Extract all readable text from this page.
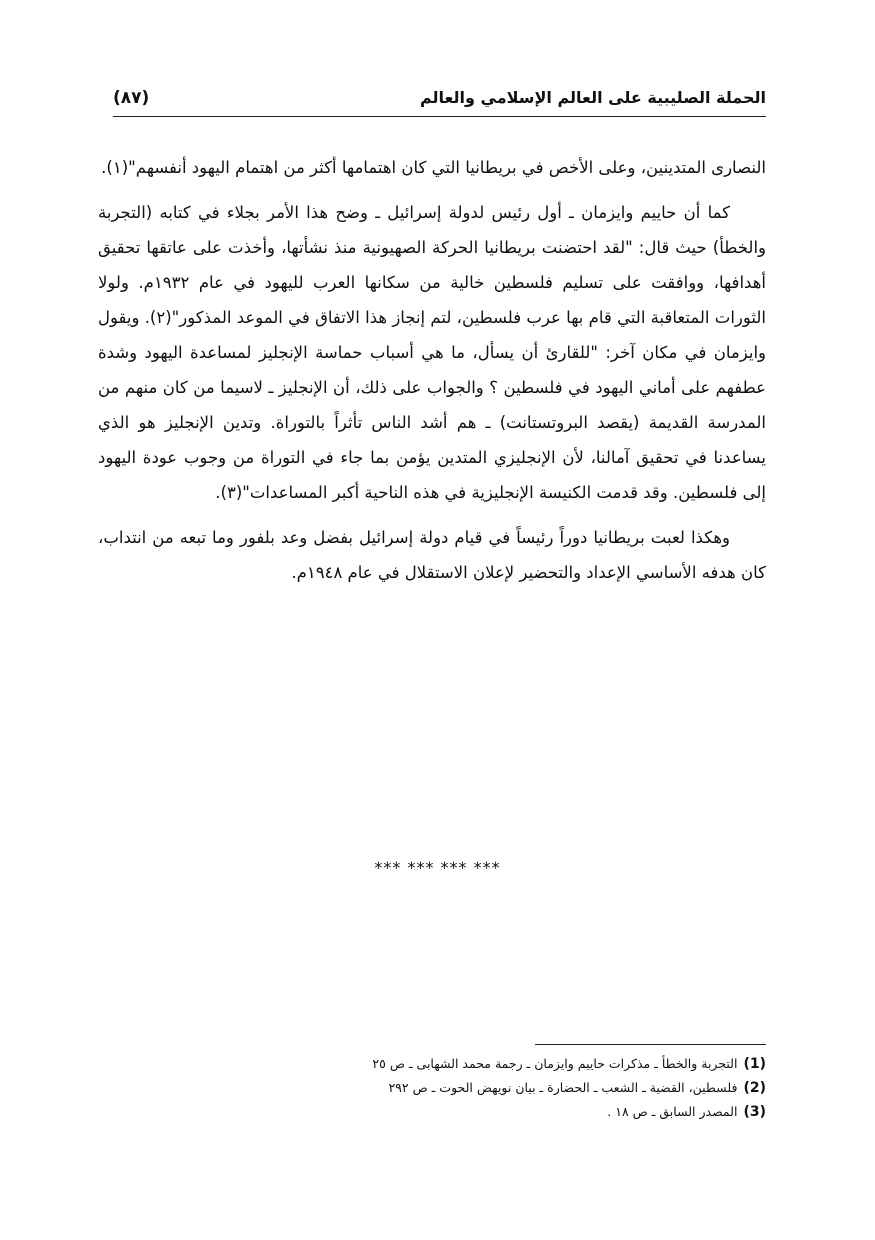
الحملة الصليبية على العالم الإسلامي والعالم
(٨٧)

النصارى المتدينين، وعلى الأخص في بريطانيا التي كان اهتمامها أكثر من اهتمام اليهود أنفسهم"(١).

كما أن حاييم وايزمان ـ أول رئيس لدولة إسرائيل ـ وضح هذا الأمر بجلاء في كتابه (التجربة والخطأ) حيث قال: "لقد احتضنت بريطانيا الحركة الصهيونية منذ نشأتها، وأخذت على عاتقها تحقيق أهدافها، ووافقت على تسليم فلسطين خالية من سكانها العرب لليهود في عام ١٩٣٢م. ولولا الثورات المتعاقبة التي قام بها عرب فلسطين، لتم إنجاز هذا الاتفاق في الموعد المذكور"(٢). ويقول وايزمان في مكان آخر: "للقارئ أن يسأل، ما هي أسباب حماسة الإنجليز لمساعدة اليهود وشدة عطفهم على أماني اليهود في فلسطين ؟ والجواب على ذلك، أن الإنجليز ـ لاسيما من كان منهم من المدرسة القديمة (يقصد البروتستانت) ـ هم أشد الناس تأثراً بالتوراة. وتدين الإنجليز هو الذي يساعدنا في تحقيق آمالنا، لأن الإنجليزي المتدين يؤمن بما جاء في التوراة من وجوب عودة اليهود إلى فلسطين. وقد قدمت الكنيسة الإنجليزية في هذه الناحية أكبر المساعدات"(٣).

وهكذا لعبت بريطانيا دوراً رئيساً في قيام دولة إسرائيل بفضل وعد بلفور وما تبعه من انتداب، كان هدفه الأساسي الإعداد والتحضير لإعلان الاستقلال في عام ١٩٤٨م.

*** *** *** ***
(1)التجربة والخطأ ـ مذكرات حاييم وايزمان ـ رجمة محمد الشهابى ـ ص ٢٥
(2)فلسطين، القضية ـ الشعب ـ الحضارة ـ بيان نويهض الحوت ـ ص ٢٩٢
(3)المصدر السابق ـ ص ١٨ .
